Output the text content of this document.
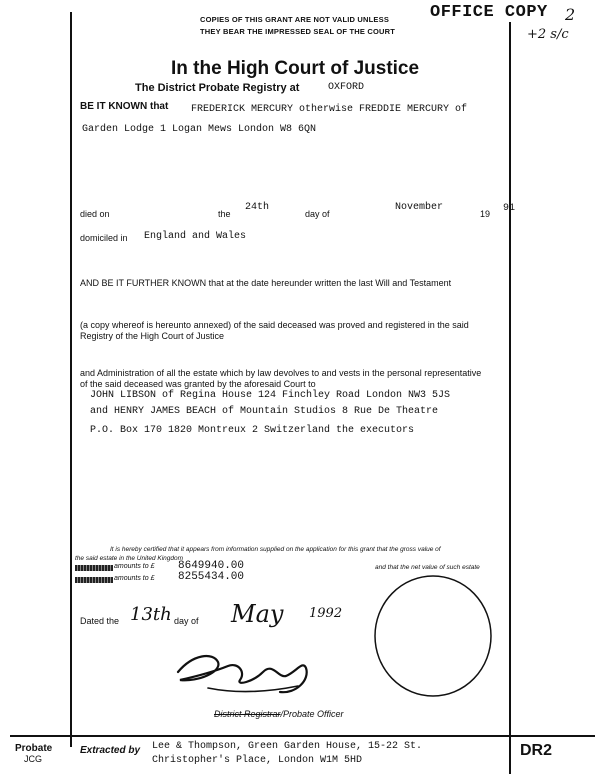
COPIES OF THIS GRANT ARE NOT VALID UNLESS
THEY BEAR THE IMPRESSED SEAL OF THE COURT
OFFICE COPY 2
+2 s/c
In the High Court of Justice
The District Probate Registry at	OXFORD
BE IT KNOWN that FREDERICK MERCURY otherwise FREDDIE MERCURY of
Garden Lodge 1 Logan Mews London W8 6QN
died on	the
24th
day of
November
19 91
domiciled in England and Wales
AND BE IT FURTHER KNOWN that at the date hereunder written the last Will and Testament
(a copy whereof is hereunto annexed) of the said deceased was proved and registered in the said
Registry of the High Court of Justice
and Administration of all the estate which by law devolves to and vests in the personal representative
of the said deceased was granted by the aforesaid Court to
JOHN LIBSON of Regina House 124 Finchley Road London NW3 5JS
and HENRY JAMES BEACH of Mountain Studios 8 Rue De Theatre
P.O. Box 170 1820 Montreux 2 Switzerland the executors
It is hereby certified that it appears from information supplied on the application for this grant that the gross value of
the said estate in the United Kingdom
amounts to £ 8649940.00	and that the net value of such estate
amounts to £ 8255434.00
Dated the 13th day of May 1992
District Registrar/Probate Officer
Probate
JCG
Extracted by Lee & Thompson, Green Garden House, 15-22 St.
Christopher's Place, London W1M 5HD
DR2
